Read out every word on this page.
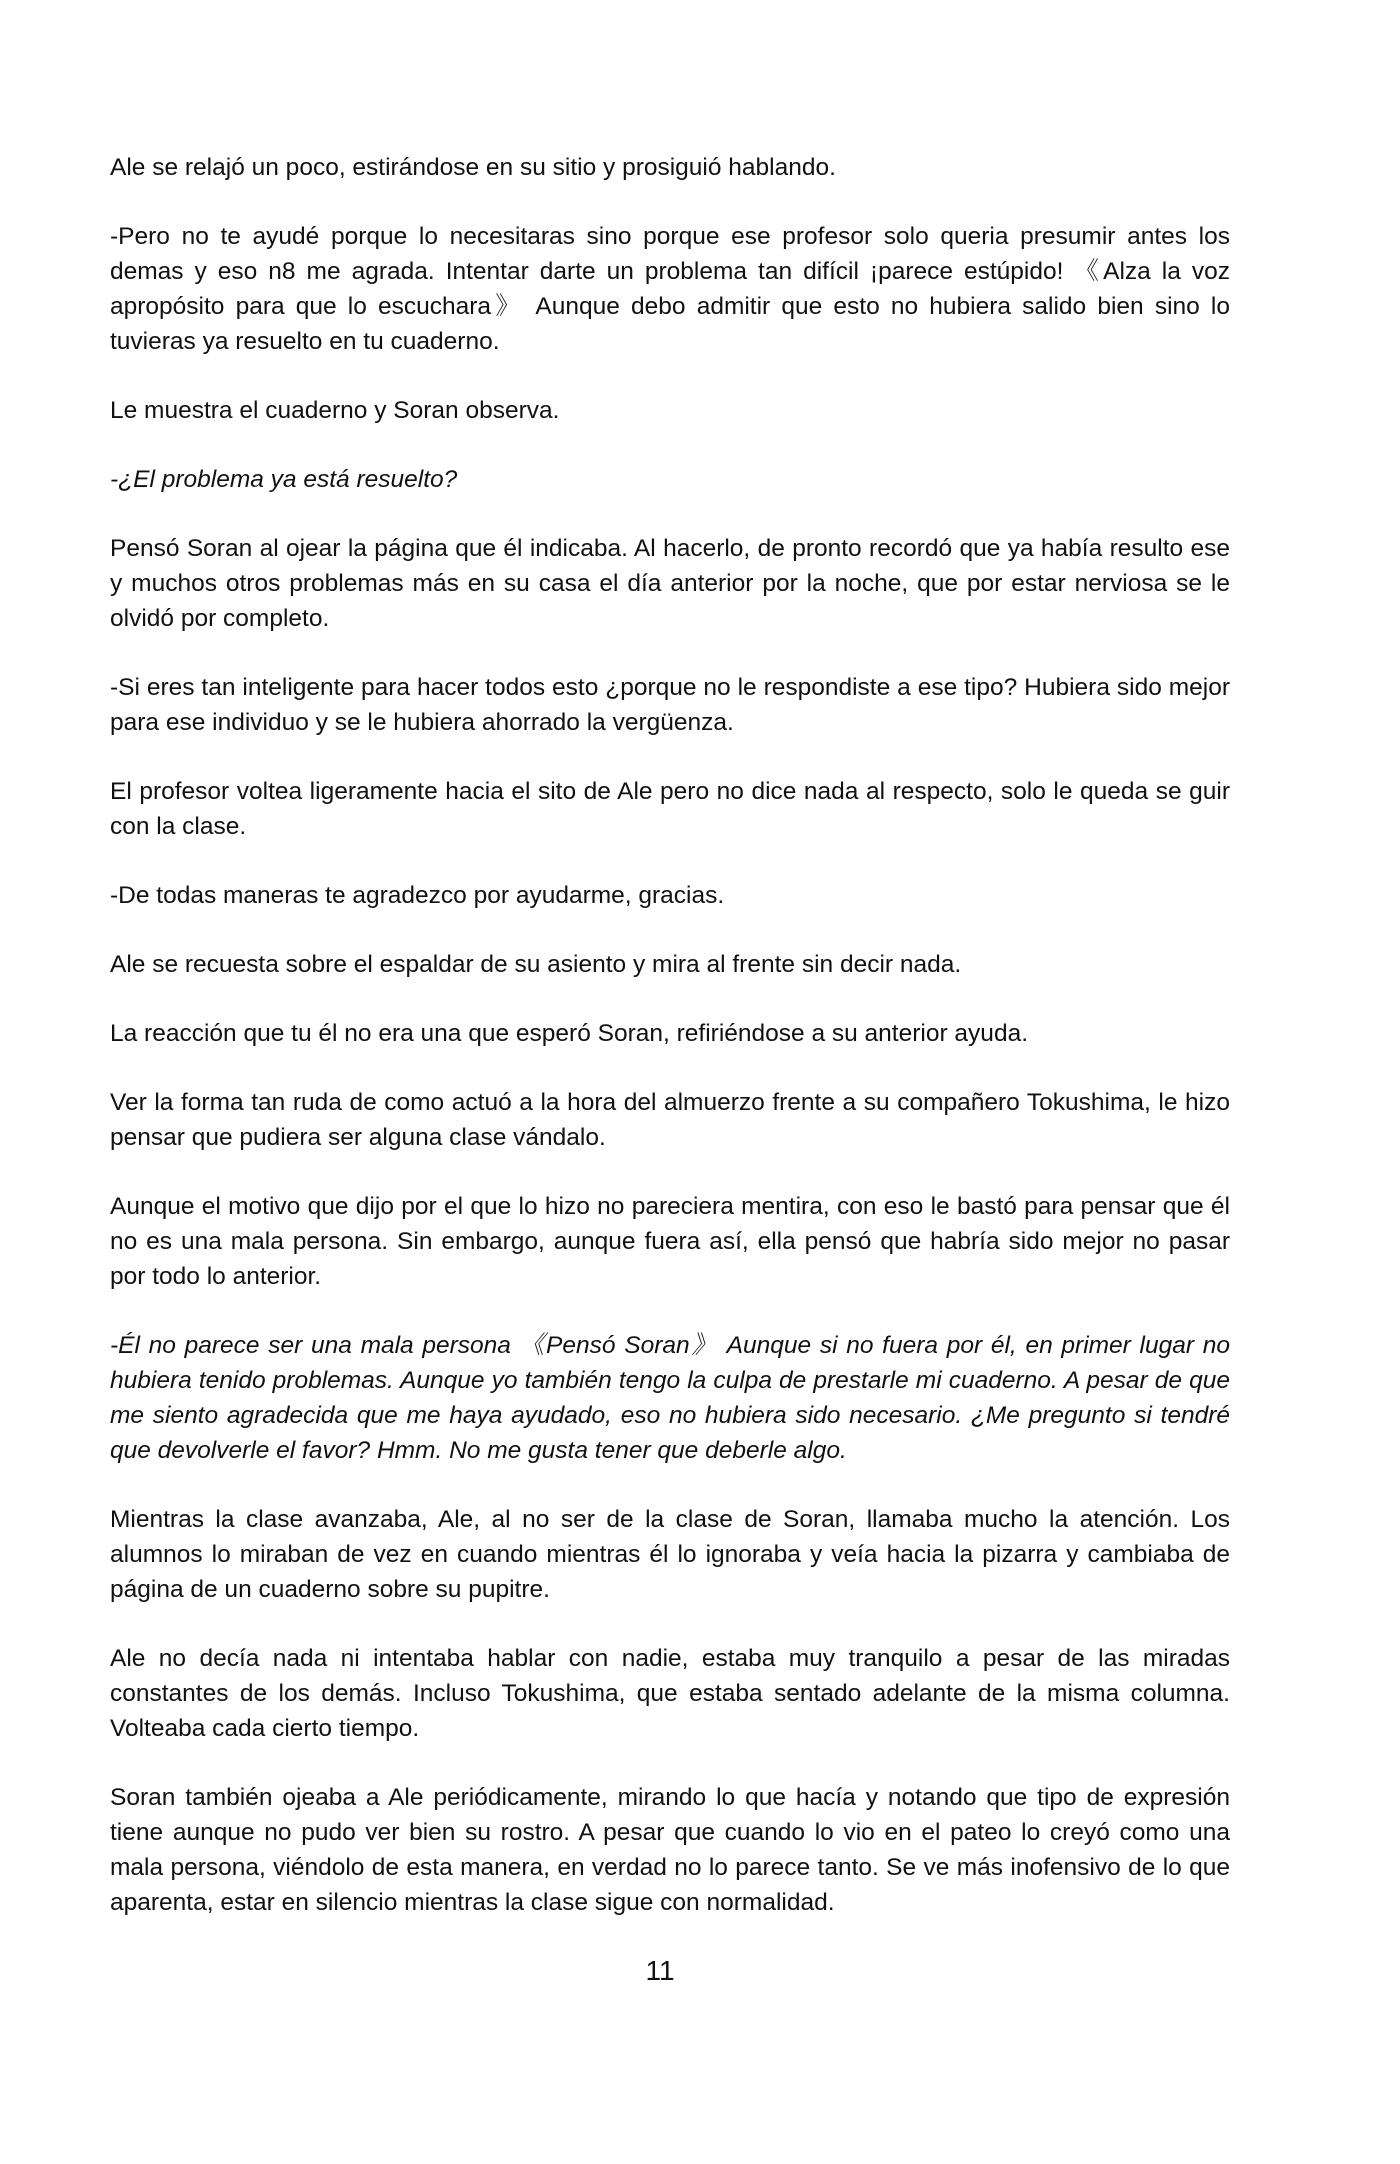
Ale se relajó un poco, estirándose en su sitio y prosiguió hablando.

-Pero no te ayudé porque lo necesitaras sino porque ese profesor solo queria presumir antes los demas y eso n8 me agrada. Intentar darte un problema tan difícil ¡parece estúpido! 《Alza la voz apropósito para que lo escuchara》 Aunque debo admitir que esto no hubiera salido bien sino lo tuvieras ya resuelto en tu cuaderno.

Le muestra el cuaderno y Soran observa.

-¿El problema ya está resuelto?

Pensó Soran al ojear la página que él indicaba. Al hacerlo, de pronto recordó que ya había resulto ese y muchos otros problemas más en su casa el día anterior por la noche, que por estar nerviosa se le olvidó por completo.

-Si eres tan inteligente para hacer todos esto ¿porque no le respondiste a ese tipo? Hubiera sido mejor para ese individuo y se le hubiera ahorrado la vergüenza.

El profesor voltea ligeramente hacia el sito de Ale pero no dice nada al respecto, solo le queda se guir con la clase.

-De todas maneras te agradezco por ayudarme, gracias.

Ale se recuesta sobre el espaldar de su asiento y mira al frente sin decir nada.

La reacción que tu él no era una que esperó Soran, refiriéndose a su anterior ayuda.

Ver la forma tan ruda de como actuó a la hora del almuerzo frente a su compañero Tokushima, le hizo pensar que pudiera ser alguna clase vándalo.

Aunque el motivo que dijo por el que lo hizo no pareciera mentira, con eso le bastó para pensar que él no es una mala persona. Sin embargo, aunque fuera así, ella pensó que habría sido mejor no pasar por todo lo anterior.

-Él no parece ser una mala persona 《Pensó Soran》 Aunque si no fuera por él, en primer lugar no hubiera tenido problemas. Aunque yo también tengo la culpa de prestarle mi cuaderno. A pesar de que me siento agradecida que me haya ayudado, eso no hubiera sido necesario. ¿Me pregunto si tendré que devolverle el favor? Hmm. No me gusta tener que deberle algo.

Mientras la clase avanzaba, Ale, al no ser de la clase de Soran, llamaba mucho la atención. Los alumnos lo miraban de vez en cuando mientras él lo ignoraba y veía hacia la pizarra y cambiaba de página de un cuaderno sobre su pupitre.

Ale no decía nada ni intentaba hablar con nadie, estaba muy tranquilo a pesar de las miradas constantes de los demás. Incluso Tokushima, que estaba sentado adelante de la misma columna. Volteaba cada cierto tiempo.

Soran también ojeaba a Ale periódicamente, mirando lo que hacía y notando que tipo de expresión tiene aunque no pudo ver bien su rostro. A pesar que cuando lo vio en el pateo lo creyó como una mala persona, viéndolo de esta manera, en verdad no lo parece tanto. Se ve más inofensivo de lo que aparenta, estar en silencio mientras la clase sigue con normalidad.

11
